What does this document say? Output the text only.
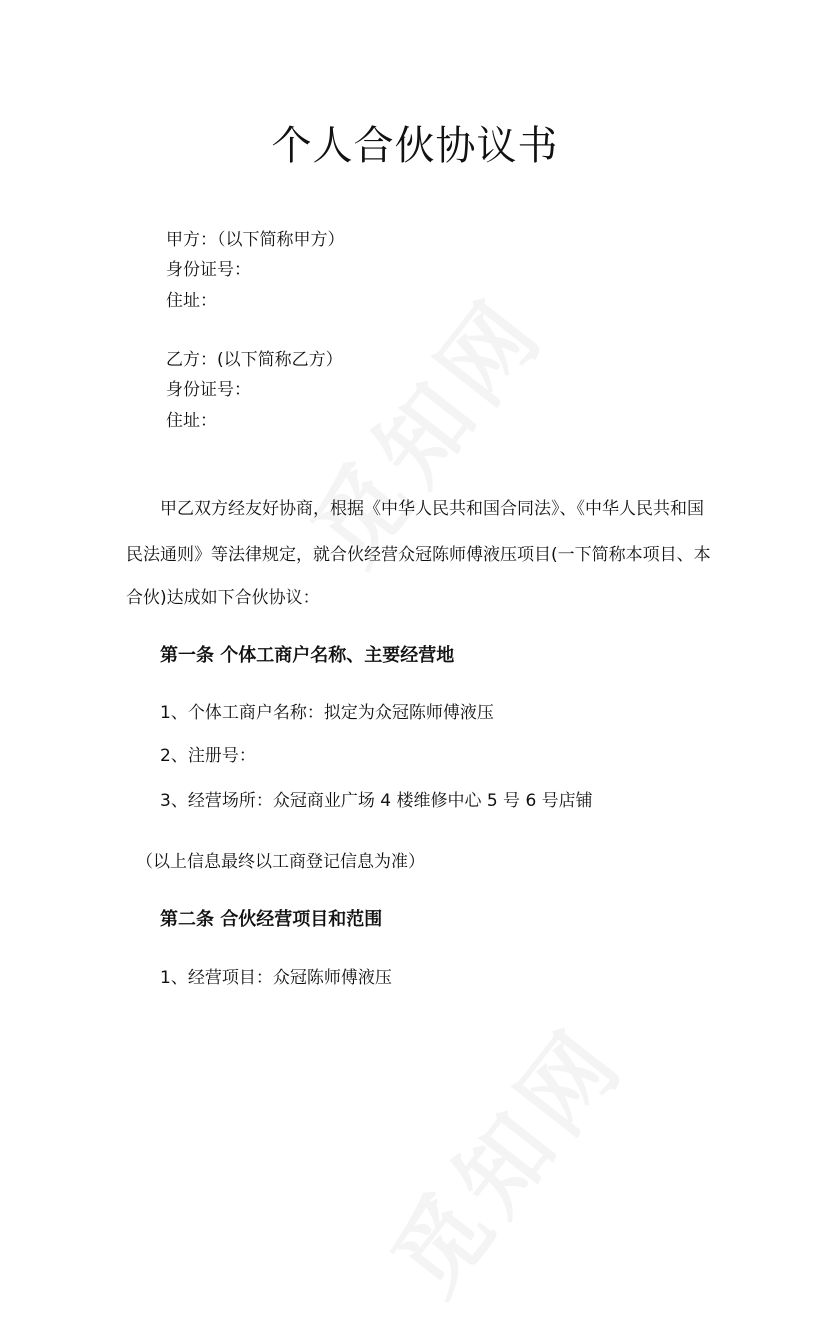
个人合伙协议书
甲方：（以下简称甲方）
身份证号：
住址：
乙方：(以下简称乙方）
身份证号：
住址：
甲乙双方经友好协商，根据《中华人民共和国合同法》、《中华人民共和国
民法通则》等法律规定，就合伙经营众冠陈师傅液压项目(一下简称本项目、本
合伙)达成如下合伙协议：
第一条 个体工商户名称、主要经营地
1、个体工商户名称：拟定为众冠陈师傅液压
2、注册号：
3、经营场所：众冠商业广场 4 楼维修中心 5 号 6 号店铺
（以上信息最终以工商登记信息为准）
第二条 合伙经营项目和范围
1、经营项目：众冠陈师傅液压
